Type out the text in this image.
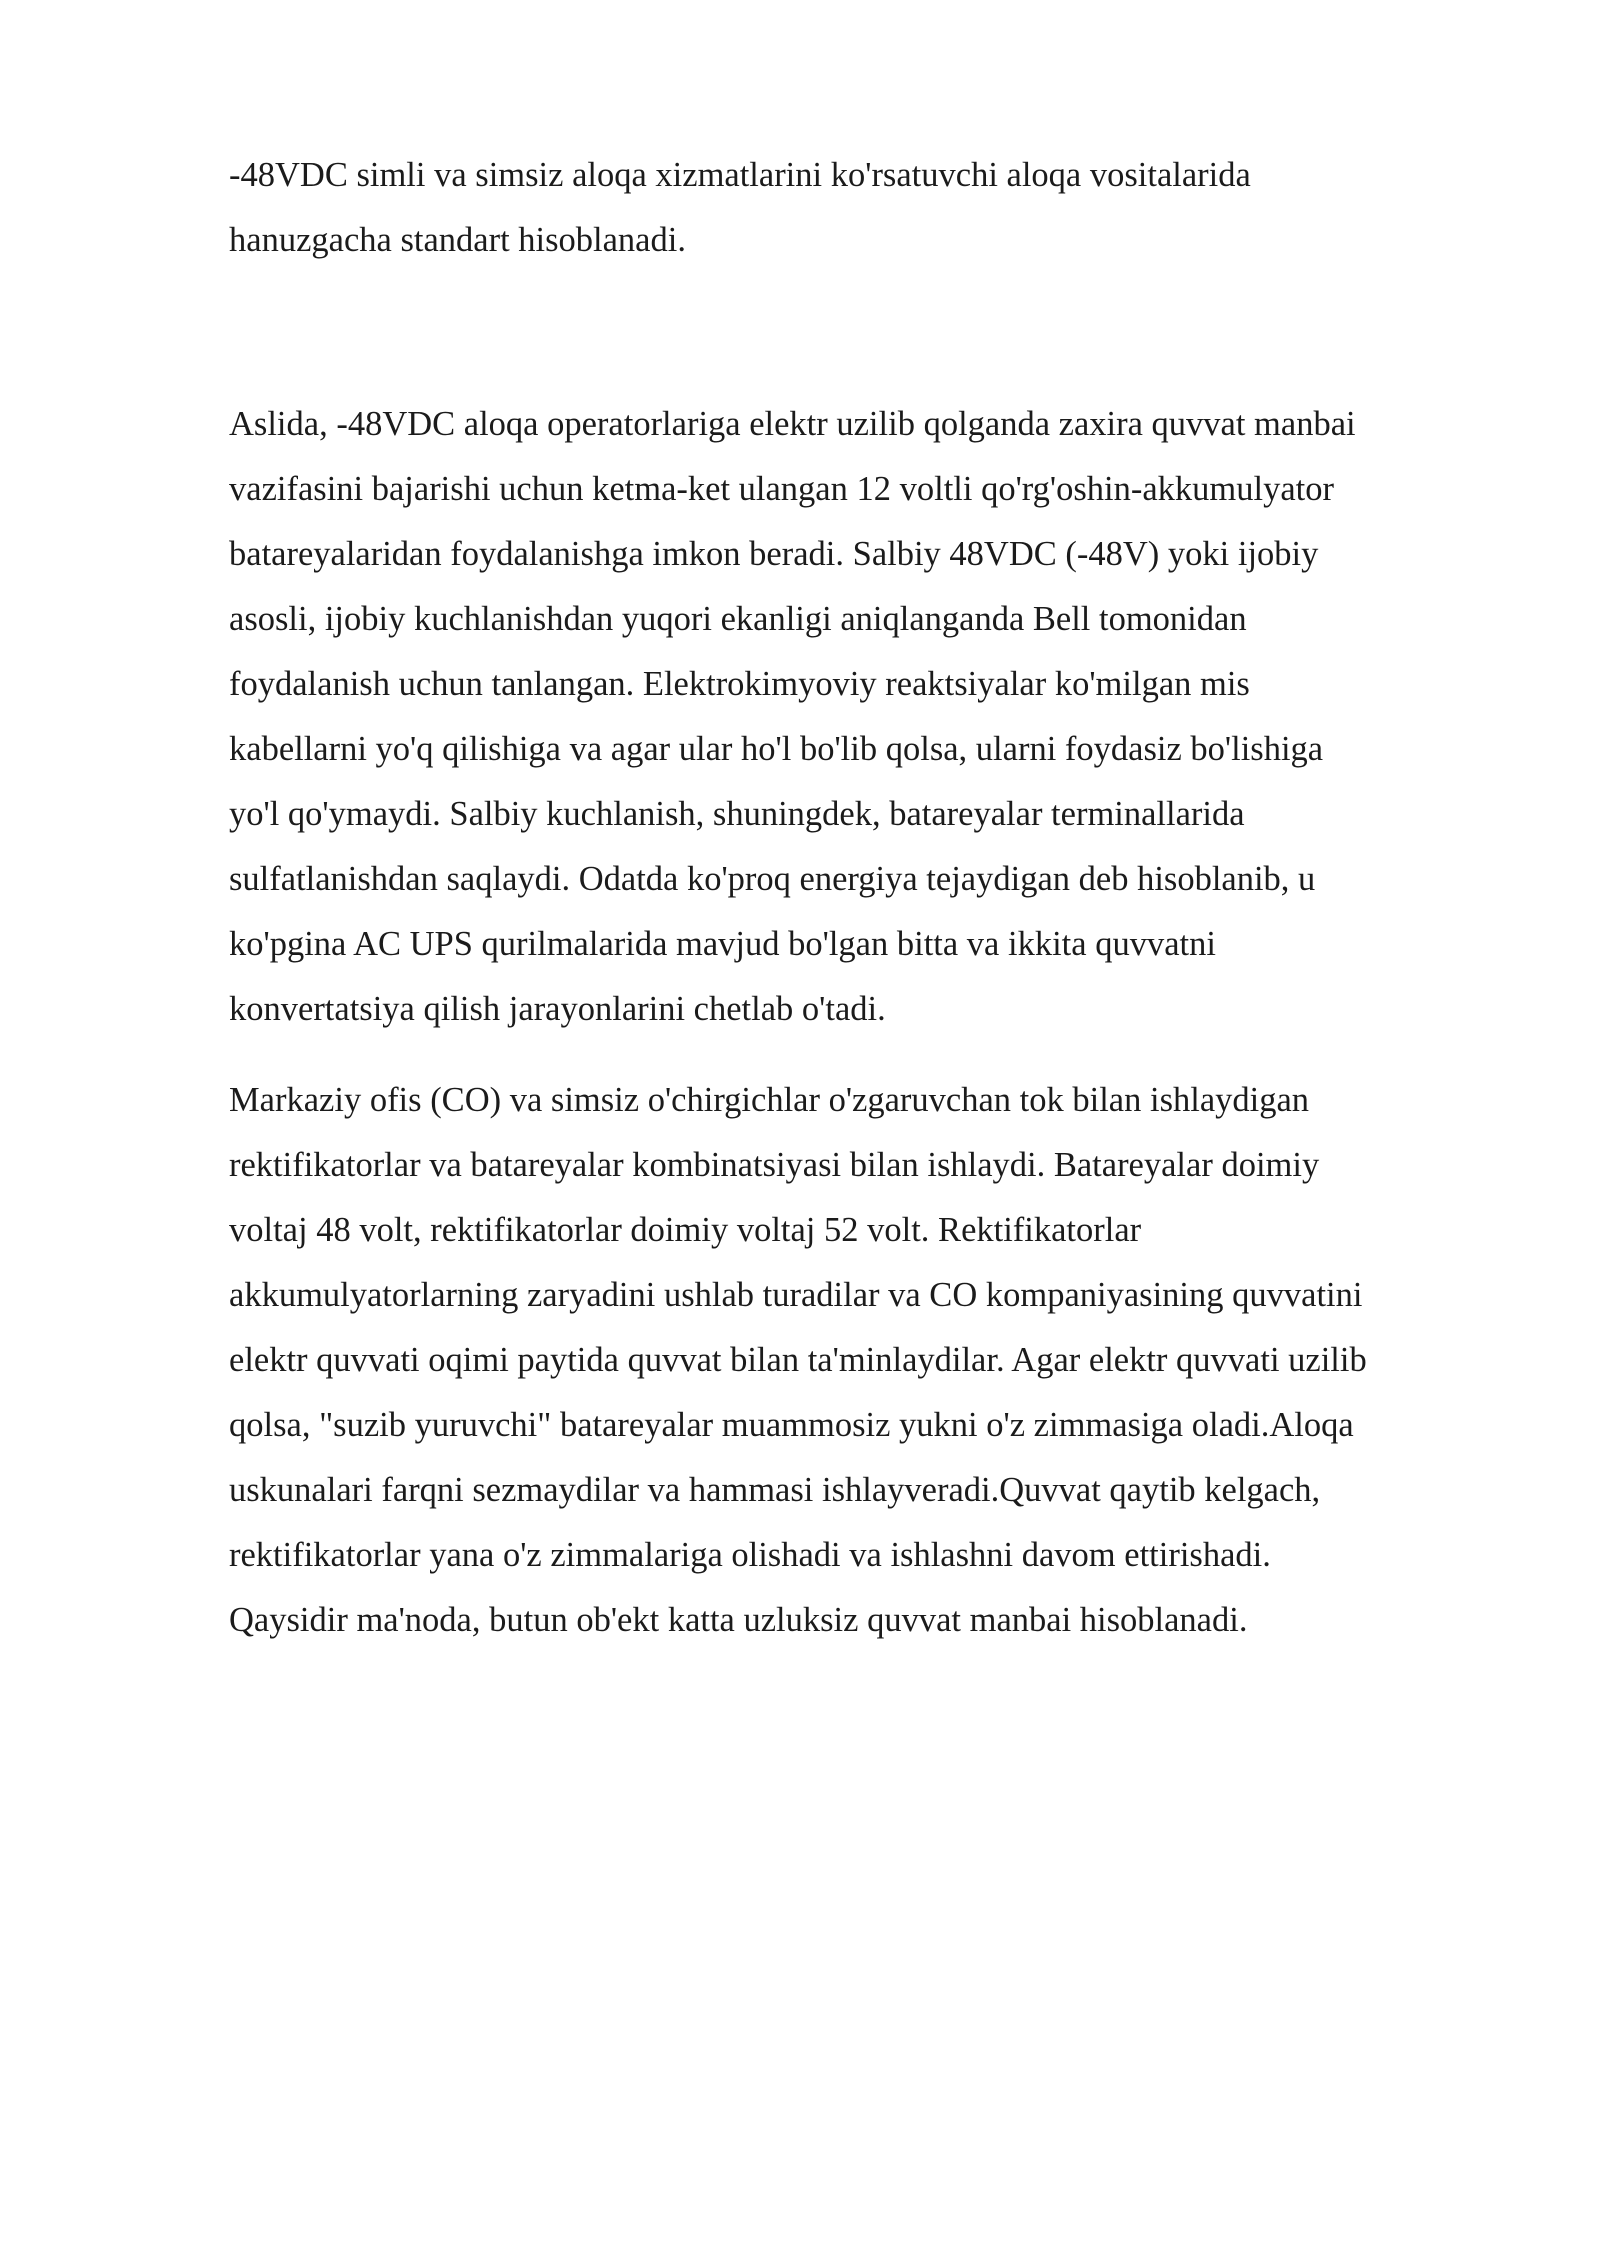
-48VDC simli va simsiz aloqa xizmatlarini ko'rsatuvchi aloqa vositalarida
hanuzgacha standart hisoblanadi.

Aslida, -48VDC aloqa operatorlariga elektr uzilib qolganda zaxira quvvat manbai
vazifasini bajarishi uchun ketma-ket ulangan 12 voltli qo'rg'oshin-akkumulyator
batareyalaridan foydalanishga imkon beradi. Salbiy 48VDC (-48V) yoki ijobiy
asosli, ijobiy kuchlanishdan yuqori ekanligi aniqlanganda Bell tomonidan
foydalanish uchun tanlangan. Elektrokimyoviy reaktsiyalar ko'milgan mis
kabellarni yo'q qilishiga va agar ular ho'l bo'lib qolsa, ularni foydasiz bo'lishiga
yo'l qo'ymaydi. Salbiy kuchlanish, shuningdek, batareyalar terminallarida
sulfatlanishdan saqlaydi. Odatda ko'proq energiya tejaydigan deb hisoblanib, u
ko'pgina AC UPS qurilmalarida mavjud bo'lgan bitta va ikkita quvvatni
konvertatsiya qilish jarayonlarini chetlab o'tadi.

Markaziy ofis (CO) va simsiz o'chirgichlar o'zgaruvchan tok bilan ishlaydigan
rektifikatorlar va batareyalar kombinatsiyasi bilan ishlaydi. Batareyalar doimiy
voltaj 48 volt, rektifikatorlar doimiy voltaj 52 volt. Rektifikatorlar
akkumulyatorlarning zaryadini ushlab turadilar va CO kompaniyasining quvvatini
elektr quvvati oqimi paytida quvvat bilan ta'minlaydilar. Agar elektr quvvati uzilib
qolsa, "suzib yuruvchi" batareyalar muammosiz yukni o'z zimmasiga oladi.Aloqa
uskunalari farqni sezmaydilar va hammasi ishlayveradi.Quvvat qaytib kelgach,
rektifikatorlar yana o'z zimmalariga olishadi va ishlashni davom ettirishadi.
Qaysidir ma'noda, butun ob'ekt katta uzluksiz quvvat manbai hisoblanadi.
